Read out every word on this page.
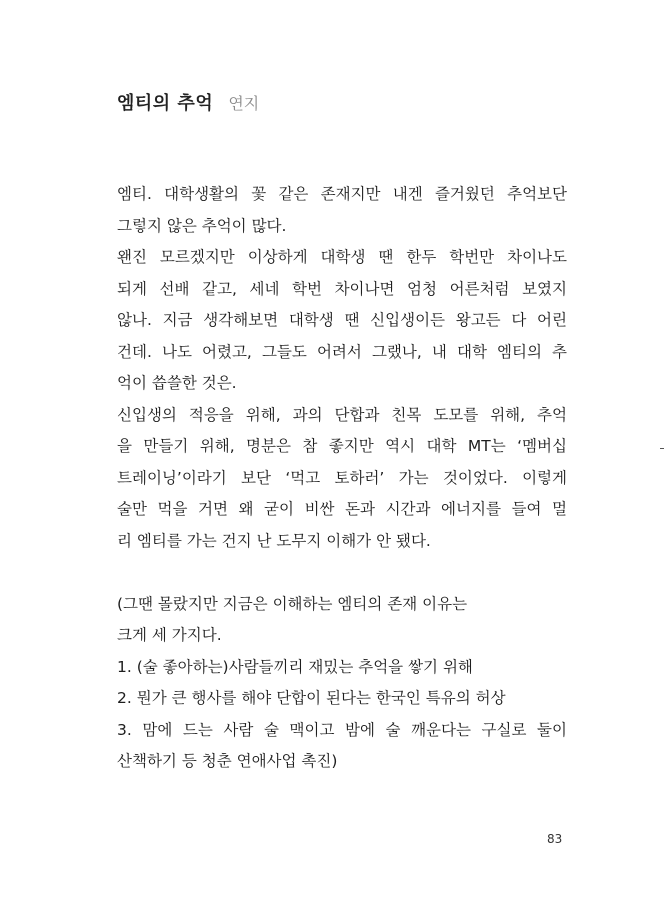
엠티의 추억 연지
엠티. 대학생활의 꽃 같은 존재지만 내겐 즐거웠던 추억보단
그렇지 않은 추억이 많다.
왠진 모르겠지만 이상하게 대학생 땐 한두 학번만 차이나도
되게 선배 같고, 세네 학번 차이나면 엄청 어른처럼 보였지
않나. 지금 생각해보면 대학생 땐 신입생이든 왕고든 다 어린
건데. 나도 어렸고, 그들도 어려서 그랬나, 내 대학 엠티의 추
억이 씁쓸한 것은.
신입생의 적응을 위해, 과의 단합과 친목 도모를 위해, 추억
을 만들기 위해, 명분은 참 좋지만 역시 대학 MT는 ‘멤버십
트레이닝’이라기 보단 ‘먹고 토하러’ 가는 것이었다. 이렇게
술만 먹을 거면 왜 굳이 비싼 돈과 시간과 에너지를 들여 멀
리 엠티를 가는 건지 난 도무지 이해가 안 됐다.
(그땐 몰랐지만 지금은 이해하는 엠티의 존재 이유는
크게 세 가지다.
1. (술 좋아하는)사람들끼리 재밌는 추억을 쌓기 위해
2. 뭔가 큰 행사를 해야 단합이 된다는 한국인 특유의 허상
3. 맘에 드는 사람 술 맥이고 밤에 술 깨운다는 구실로 둘이
산책하기 등 청춘 연애사업 촉진)
83
